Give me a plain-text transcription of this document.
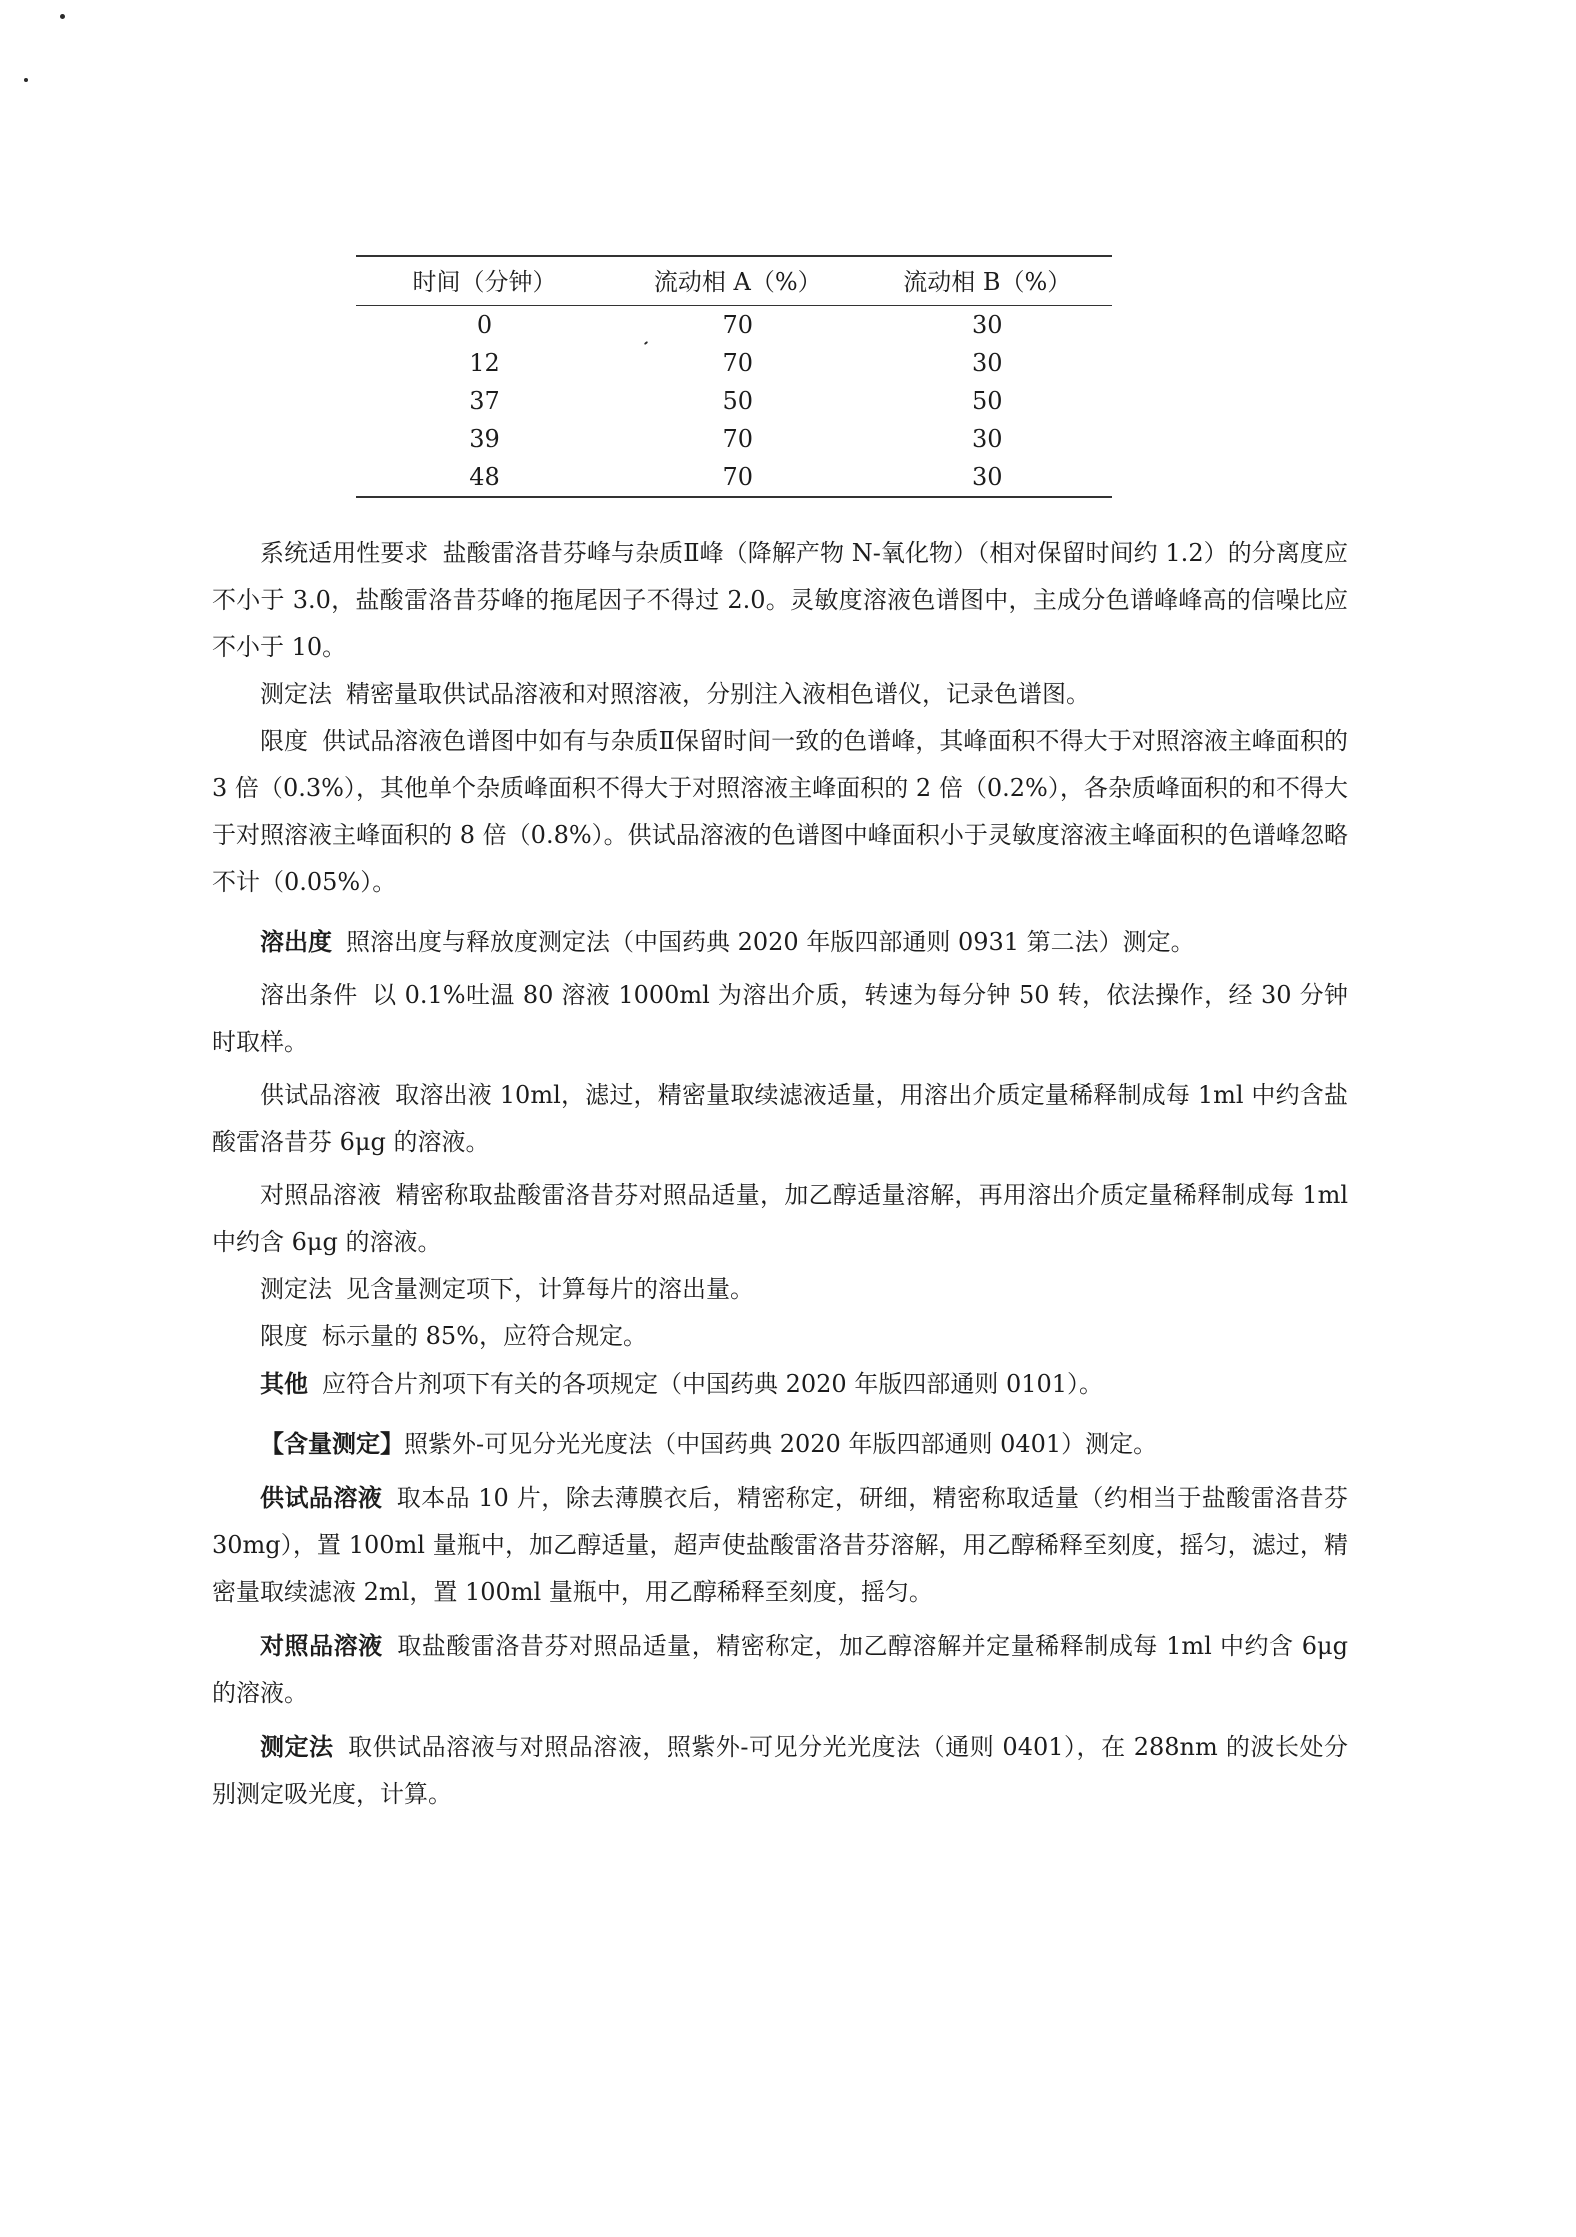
时间（分钟）	流动相 A（%）	流动相 B（%）
0	70	30
12	70	30
37	50	50
39	70	30
48	70	30

系统适用性要求 盐酸雷洛昔芬峰与杂质Ⅱ峰（降解产物 N-氧化物）（相对保留时间约 1.2）的分离度应不小于 3.0，盐酸雷洛昔芬峰的拖尾因子不得过 2.0。灵敏度溶液色谱图中，主成分色谱峰峰高的信噪比应不小于 10。

测定法 精密量取供试品溶液和对照溶液，分别注入液相色谱仪，记录色谱图。

限度 供试品溶液色谱图中如有与杂质Ⅱ保留时间一致的色谱峰，其峰面积不得大于对照溶液主峰面积的 3 倍（0.3%），其他单个杂质峰面积不得大于对照溶液主峰面积的 2 倍（0.2%），各杂质峰面积的和不得大于对照溶液主峰面积的 8 倍（0.8%）。供试品溶液的色谱图中峰面积小于灵敏度溶液主峰面积的色谱峰忽略不计（0.05%）。

溶出度 照溶出度与释放度测定法（中国药典 2020 年版四部通则 0931 第二法）测定。

溶出条件 以 0.1%吐温 80 溶液 1000ml 为溶出介质，转速为每分钟 50 转，依法操作，经 30 分钟时取样。

供试品溶液 取溶出液 10ml，滤过，精密量取续滤液适量，用溶出介质定量稀释制成每 1ml 中约含盐酸雷洛昔芬 6μg 的溶液。

对照品溶液 精密称取盐酸雷洛昔芬对照品适量，加乙醇适量溶解，再用溶出介质定量稀释制成每 1ml 中约含 6μg 的溶液。

测定法 见含量测定项下，计算每片的溶出量。

限度 标示量的 85%，应符合规定。

其他 应符合片剂项下有关的各项规定（中国药典 2020 年版四部通则 0101）。

【含量测定】照紫外-可见分光光度法（中国药典 2020 年版四部通则 0401）测定。

供试品溶液 取本品 10 片，除去薄膜衣后，精密称定，研细，精密称取适量（约相当于盐酸雷洛昔芬 30mg），置 100ml 量瓶中，加乙醇适量，超声使盐酸雷洛昔芬溶解，用乙醇稀释至刻度，摇匀，滤过，精密量取续滤液 2ml，置 100ml 量瓶中，用乙醇稀释至刻度，摇匀。

对照品溶液 取盐酸雷洛昔芬对照品适量，精密称定，加乙醇溶解并定量稀释制成每 1ml 中约含 6μg 的溶液。

测定法 取供试品溶液与对照品溶液，照紫外-可见分光光度法（通则 0401），在 288nm 的波长处分别测定吸光度，计算。
